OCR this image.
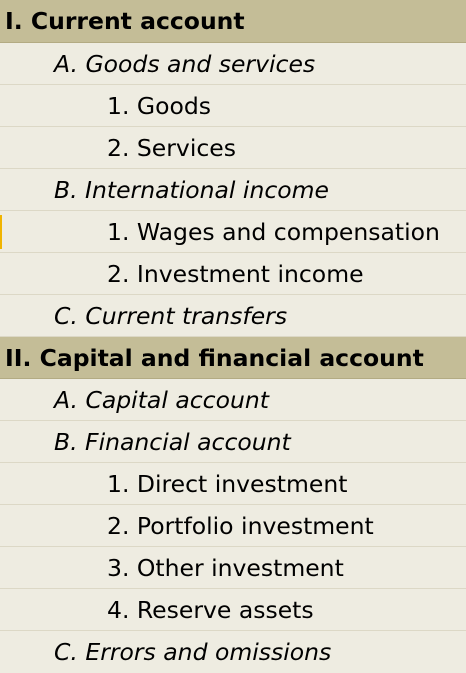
I. Current account
A. Goods and services
1. Goods
2. Services
B. International income
1. Wages and compensation
2. Investment income
C. Current transfers
II. Capital and financial account
A. Capital account
B. Financial account
1. Direct investment
2. Portfolio investment
3. Other investment
4. Reserve assets
C. Errors and omissions
